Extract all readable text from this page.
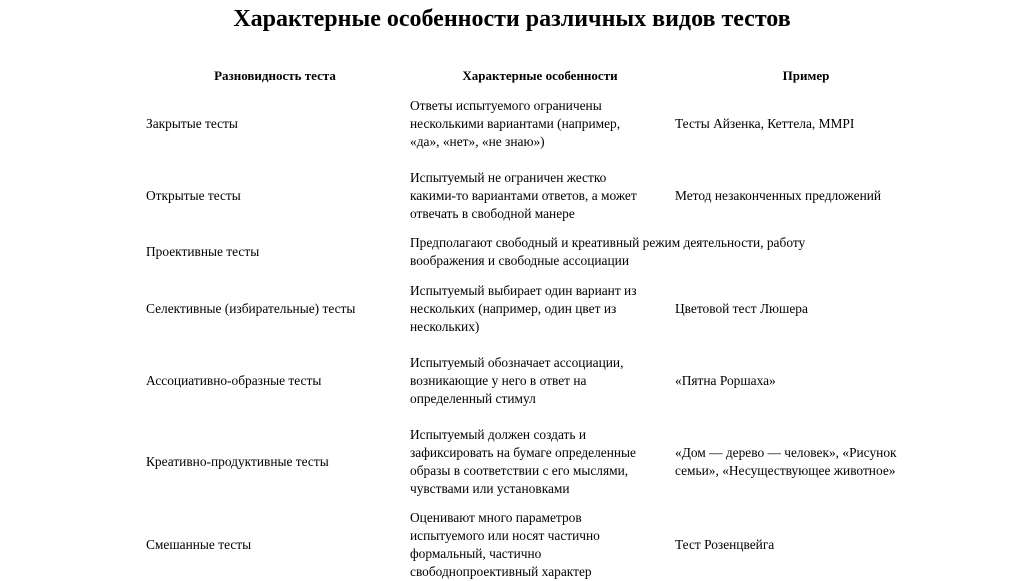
Характерные особенности различных видов тестов
Разновидность теста	Характерные особенности	Пример
Закрытые тесты
Ответы испытуемого ограничены
несколькими вариантами (например,
«да», «нет», «не знаю»)
Тесты Айзенка, Кеттела, MMPI
Открытые тесты
Испытуемый не ограничен жестко
какими-то вариантами ответов, а может
отвечать в свободной манере
Метод незаконченных предложений
Проективные тесты
Предполагают свободный и креативный режим деятельности, работу
воображения и свободные ассоциации
Селективные (избирательные) тесты
Испытуемый выбирает один вариант из
нескольких (например, один цвет из
нескольких)
Цветовой тест Люшера
Ассоциативно-образные тесты
Испытуемый обозначает ассоциации,
возникающие у него в ответ на
определенный стимул
«Пятна Роршаха»
Креативно-продуктивные тесты
Испытуемый должен создать и
зафиксировать на бумаге определенные
образы в соответствии с его мыслями,
чувствами или установками
«Дом — дерево — человек», «Рисунок
семьи», «Несуществующее животное»
Смешанные тесты
Оценивают много параметров
испытуемого или носят частично
формальный, частично
свободнопроективный характер
Тест Розенцвейга
